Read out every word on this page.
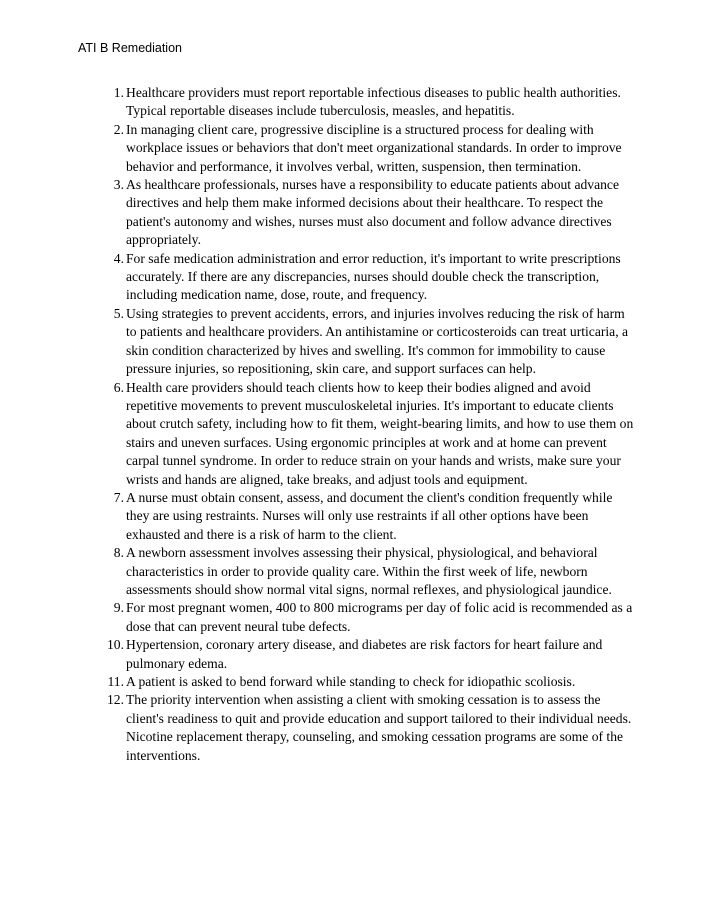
ATI B Remediation
1. Healthcare providers must report reportable infectious diseases to public health authorities. Typical reportable diseases include tuberculosis, measles, and hepatitis.
2. In managing client care, progressive discipline is a structured process for dealing with workplace issues or behaviors that don't meet organizational standards. In order to improve behavior and performance, it involves verbal, written, suspension, then termination.
3. As healthcare professionals, nurses have a responsibility to educate patients about advance directives and help them make informed decisions about their healthcare. To respect the patient's autonomy and wishes, nurses must also document and follow advance directives appropriately.
4. For safe medication administration and error reduction, it's important to write prescriptions accurately. If there are any discrepancies, nurses should double check the transcription, including medication name, dose, route, and frequency.
5. Using strategies to prevent accidents, errors, and injuries involves reducing the risk of harm to patients and healthcare providers. An antihistamine or corticosteroids can treat urticaria, a skin condition characterized by hives and swelling. It's common for immobility to cause pressure injuries, so repositioning, skin care, and support surfaces can help.
6. Health care providers should teach clients how to keep their bodies aligned and avoid repetitive movements to prevent musculoskeletal injuries. It's important to educate clients about crutch safety, including how to fit them, weight-bearing limits, and how to use them on stairs and uneven surfaces. Using ergonomic principles at work and at home can prevent carpal tunnel syndrome. In order to reduce strain on your hands and wrists, make sure your wrists and hands are aligned, take breaks, and adjust tools and equipment.
7. A nurse must obtain consent, assess, and document the client's condition frequently while they are using restraints. Nurses will only use restraints if all other options have been exhausted and there is a risk of harm to the client.
8. A newborn assessment involves assessing their physical, physiological, and behavioral characteristics in order to provide quality care. Within the first week of life, newborn assessments should show normal vital signs, normal reflexes, and physiological jaundice.
9. For most pregnant women, 400 to 800 micrograms per day of folic acid is recommended as a dose that can prevent neural tube defects.
10. Hypertension, coronary artery disease, and diabetes are risk factors for heart failure and pulmonary edema.
11. A patient is asked to bend forward while standing to check for idiopathic scoliosis.
12. The priority intervention when assisting a client with smoking cessation is to assess the client's readiness to quit and provide education and support tailored to their individual needs. Nicotine replacement therapy, counseling, and smoking cessation programs are some of the interventions.
